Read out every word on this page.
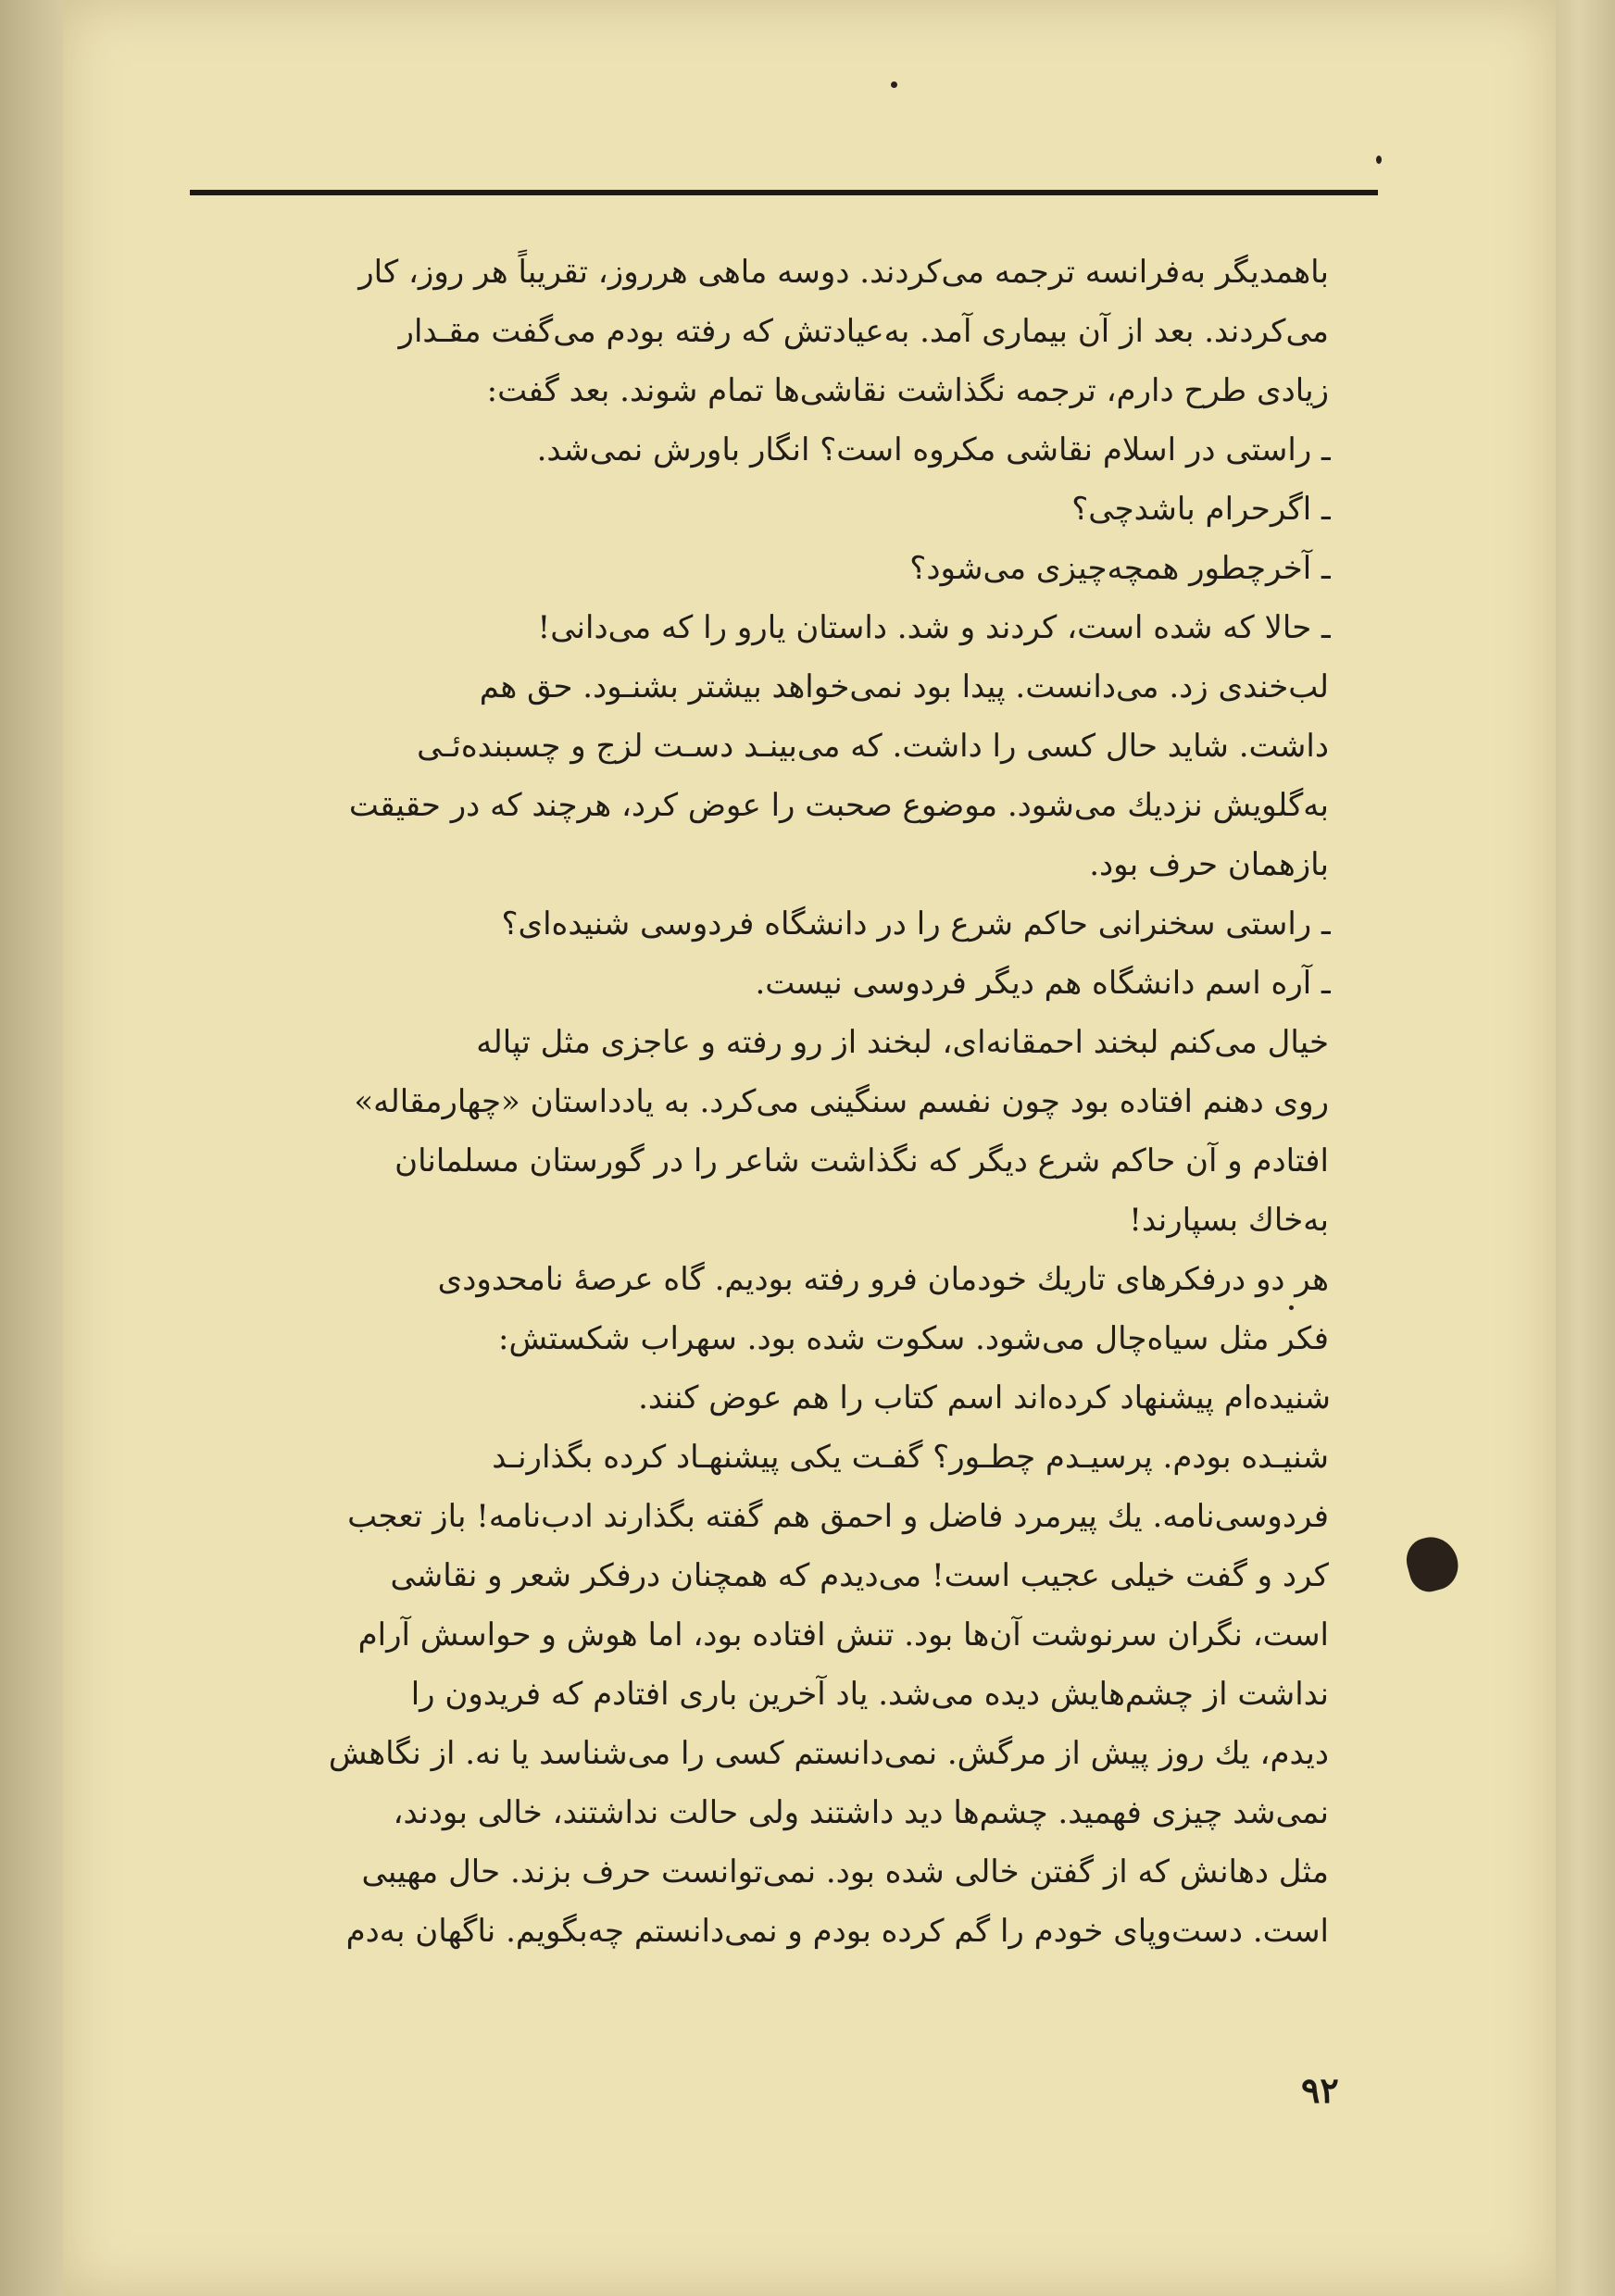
باهمدیگر به‌فرانسه ترجمه می‌کردند. دوسه ماهی هرروز، تقریباً هر روز، کار
می‌کردند. بعد از آن بیماری آمد. به‌عیادتش که رفته بودم می‌گفت مقـدار
زیادی طرح دارم، ترجمه نگذاشت نقاشی‌ها تمام شوند. بعد گفت:
ـ راستی در اسلام نقاشی مکروه است؟ انگار باورش نمی‌شد.
ـ اگرحرام باشدچی؟
ـ آخرچطور همچه‌چیزی می‌شود؟
ـ حالا که شده است، کردند و شد. داستان یارو را که می‌دانی!
لب‌خندی زد. می‌دانست. پیدا بود نمی‌خواهد بیشتر بشنـود. حق هم
داشت. شاید حال کسی را داشت. که می‌بینـد دسـت لزج و چسبنده‌ئـی
به‌گلویش نزدیك می‌شود. موضوع صحبت را عوض کرد، هرچند که در حقیقت
بازهمان حرف بود.
ـ راستی سخنرانی حاکم شرع را در دانشگاه فردوسی شنیده‌ای؟
ـ آره اسم دانشگاه هم دیگر فردوسی نیست.
خیال می‌کنم لبخند احمقانه‌ای، لبخند از رو رفته و عاجزی مثل تپاله
روی دهنم افتاده بود چون نفسم سنگینی می‌کرد. به یادداستان «چهارمقاله»
افتادم و آن حاکم شرع دیگر که نگذاشت شاعر را در گورستان مسلمانان
به‌خاك بسپارند!
هر دو درفکرهای تاریك خودمان فرو رفته بودیم. گاه عرصهٔ نامحدودی
فکر مثل سیاه‌چال می‌شود. سکوت شده بود. سهراب شکستش:
شنیده‌ام پیشنهاد کرده‌اند اسم کتاب را هم عوض کنند.
شنیـده بودم. پرسیـدم چطـور؟ گفـت یکی پیشنهـاد کرده بگذارنـد
فردوسی‌نامه. یك پیرمرد فاضل و احمق هم گفته بگذارند ادب‌نامه! باز تعجب
کرد و گفت خیلی عجیب است! می‌دیدم که همچنان درفکر شعر و نقاشی
است، نگران سرنوشت آن‌ها بود. تنش افتاده بود، اما هوش و حواسش آرام
نداشت از چشم‌هایش دیده می‌شد. یاد آخرین باری افتادم که فریدون را
دیدم، یك روز پیش از مرگش. نمی‌دانستم کسی را می‌شناسد یا نه. از نگاهش
نمی‌شد چیزی فهمید. چشم‌ها دید داشتند ولی حالت نداشتند، خالی بودند،
مثل دهانش که از گفتن خالی شده بود. نمی‌توانست حرف بزند. حال مهیبی
است. دست‌وپای خودم را گم کرده بودم و نمی‌دانستم چه‌بگویم. ناگهان به‌دم
۹۲
